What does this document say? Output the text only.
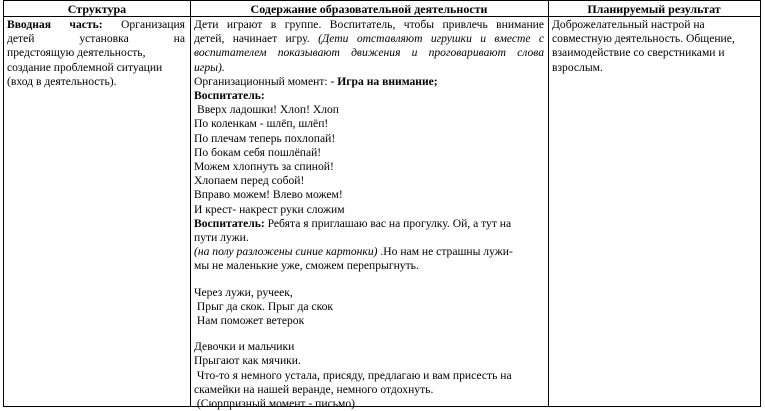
Структура	Содержание образовательной деятельности	Планируемый результат

Вводная часть: Организация

детей установка на

предстоящую деятельность,

создание проблемной ситуации

(вход в деятельность).

Дети играют в группе. Воспитатель, чтобы привлечь внимание

детей, начинает игру. (Дети отставляют игрушки и вместе с

воспитателем показывают движения и проговаривают слова

игры).

Организационный момент: - Игра на внимание;

Воспитатель:

Вверх ладошки! Хлоп! Хлоп

По коленкам - шлёп, шлёп!

По плечам теперь похлопай!

По бокам себя пошлёпай!

Можем хлопнуть за спиной!

Хлопаем перед собой!

Вправо можем! Влево можем!

И крест- накрест руки сложим

Воспитатель: Ребята я приглашаю вас на прогулку. Ой, а тут на

пути лужи.

(на полу разложены синие картонки) .Но нам не страшны лужи-

мы не маленькие уже, сможем перепрыгнуть.

Через лужи, ручеек,

Прыг да скок. Прыг да скок

Нам поможет ветерок

Девочки и мальчики

Прыгают как мячики.

Что-то я немного устала, присяду, предлагаю и вам присесть на

скамейки на нашей веранде, немного отдохнуть.

(Сюрпризный момент - письмо)

Доброжелательный настрой на

совместную деятельность. Общение,

взаимодействие со сверстниками и

взрослым.
